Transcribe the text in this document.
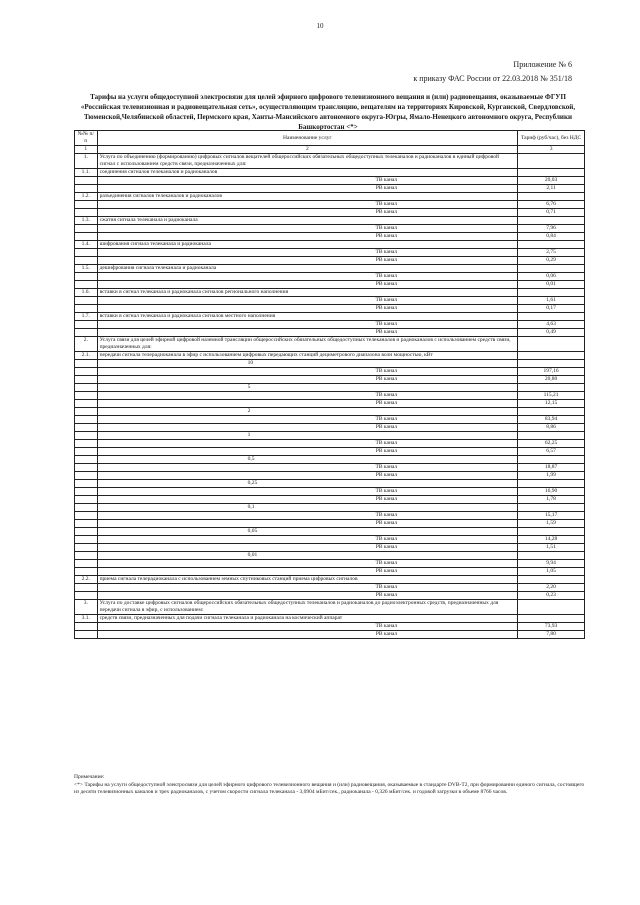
10
Приложение № 6
к приказу ФАС России от 22.03.2018 № 351/18
Тарифы на услуги общедоступной электросвязи для целей эфирного цифрового телевизионного вещания и (или) радиовещания, оказываемые ФГУП «Российская телевизионная и радиовещательная сеть», осуществляющим трансляцию, вещателям на территориях Кировской, Курганской, Свердловской, Тюменской,Челябинской областей, Пермского края, Ханты-Мансийского автономного округа-Югры, Ямало-Ненецкого автономного округа, Республики Башкортостан <*>
№№ п/п	Наименование услуг	Тариф (руб/час), без НДС
1	2	3
1.	Услуга по объединению (формированию) цифровых сигналов вещателей общероссийских обязательных общедоступных телеканалов и радиоканалов в единый цифровой сигнал с использованием средств связи, предназначенных для:	
1.1.	соединения сигналов телеканалов и радиоканалов	
	ТВ канал	20,03
	РВ канал	2,11
1.2.	разъединения сигналов телеканалов и радиоканалов	
	ТВ канал	6,76
	РВ канал	0,71
1.3.	сжатия сигнала телеканала и радиоканала	
	ТВ канал	7,96
	РВ канал	0,84
1.4.	шифрования сигнала телеканала и радиоканала	
	ТВ канал	2,75
	РВ канал	0,29
1.5.	дешифрования сигнала телеканала и радиоканала	
	ТВ канал	0,06
	РВ канал	0,01
1.6.	вставки в сигнал телеканала и радиоканала сигналов регионального наполнения	
	ТВ канал	1,61
	РВ канал	0,17
1.7.	вставки в сигнал телеканала и радиоканала сигналов местного наполнения	
	ТВ канал	4,63
	РВ канал	0,49
2.	Услуга связи для целей эфирной цифровой наземной трансляции общероссийских обязательных общедоступных телеканалов и радиоканалов с использованием средств связи, предназначенных для:	
2.1.	передачи сигнала телерадиоканала в эфир с использованием цифровых передающих станций дециметрового диапазона волн мощностью, кВт	
	10	
	ТВ канал	197,16
	РВ канал	20,80
	5	
	ТВ канал	115,21
	РВ канал	12,15
	2	
	ТВ канал	83,94
	РВ канал	8,86
	1	
	ТВ канал	62,25
	РВ канал	6,57
	0,5	
	ТВ канал	18,87
	РВ канал	1,99
	0,25	
	ТВ канал	16,90
	РВ канал	1,78
	0,1	
	ТВ канал	15,17
	РВ канал	1,59
	0,05	
	ТВ канал	14,28
	РВ канал	1,51
	0,01	
	ТВ канал	9,94
	РВ канал	1,05
2.2.	приема сигнала телерадиоканала с использованием земных спутниковых станций приема цифровых сигналов	
	ТВ канал	2,20
	РВ канал	0,23
3.	Услуга по доставке цифровых сигналов общероссийских обязательных общедоступных телеканалов и радиоканалов до радиоэлектронных средств, предназначенных для передачи сигнала в эфир, с использованием:	
3.1.	средств связи, предназначенных для подачи сигнала телеканала и радиоканала на космический аппарат	
	ТВ канал	73,93
	РВ канал	7,80
Примечание:
<*> Тарифы на услуги общедоступной электросвязи для целей эфирного цифрового телевизионного вещания и (или) радиовещания, оказываемые в стандарте DVB-T2, при формировании единого сигнала, состоящего из десяти телевизионных каналов и трех радиоканалов, с учетом скорости сигнала телеканала - 3,0904 мБит/сек., радиоканала - 0,326 мБит/сек. и годовой загрузки в объеме 8766 часов.
